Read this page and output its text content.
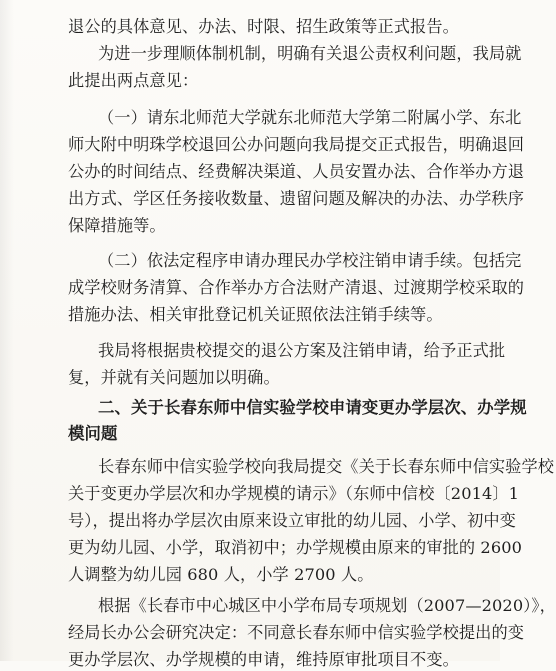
退公的具体意见、办法、时限、招生政策等正式报告。
为进一步理顺体制机制，明确有关退公责权利问题，我局就
此提出两点意见：
（一）请东北师范大学就东北师范大学第二附属小学、东北
师大附中明珠学校退回公办问题向我局提交正式报告，明确退回
公办的时间结点、经费解决渠道、人员安置办法、合作举办方退
出方式、学区任务接收数量、遗留问题及解决的办法、办学秩序
保障措施等。
（二）依法定程序申请办理民办学校注销申请手续。包括完
成学校财务清算、合作举办方合法财产清退、过渡期学校采取的
措施办法、相关审批登记机关证照依法注销手续等。
我局将根据贵校提交的退公方案及注销申请，给予正式批
复，并就有关问题加以明确。
二、关于长春东师中信实验学校申请变更办学层次、办学规
模问题
长春东师中信实验学校向我局提交《关于长春东师中信实验学校
关于变更办学层次和办学规模的请示》（东师中信校〔2014〕1
号），提出将办学层次由原来设立审批的幼儿园、小学、初中变
更为幼儿园、小学，取消初中；办学规模由原来的审批的 2600
人调整为幼儿园 680 人，小学 2700 人。
根据《长春市中心城区中小学布局专项规划（2007—2020）》，
经局长办公会研究决定：不同意长春东师中信实验学校提出的变
更办学层次、办学规模的申请，维持原审批项目不变。
